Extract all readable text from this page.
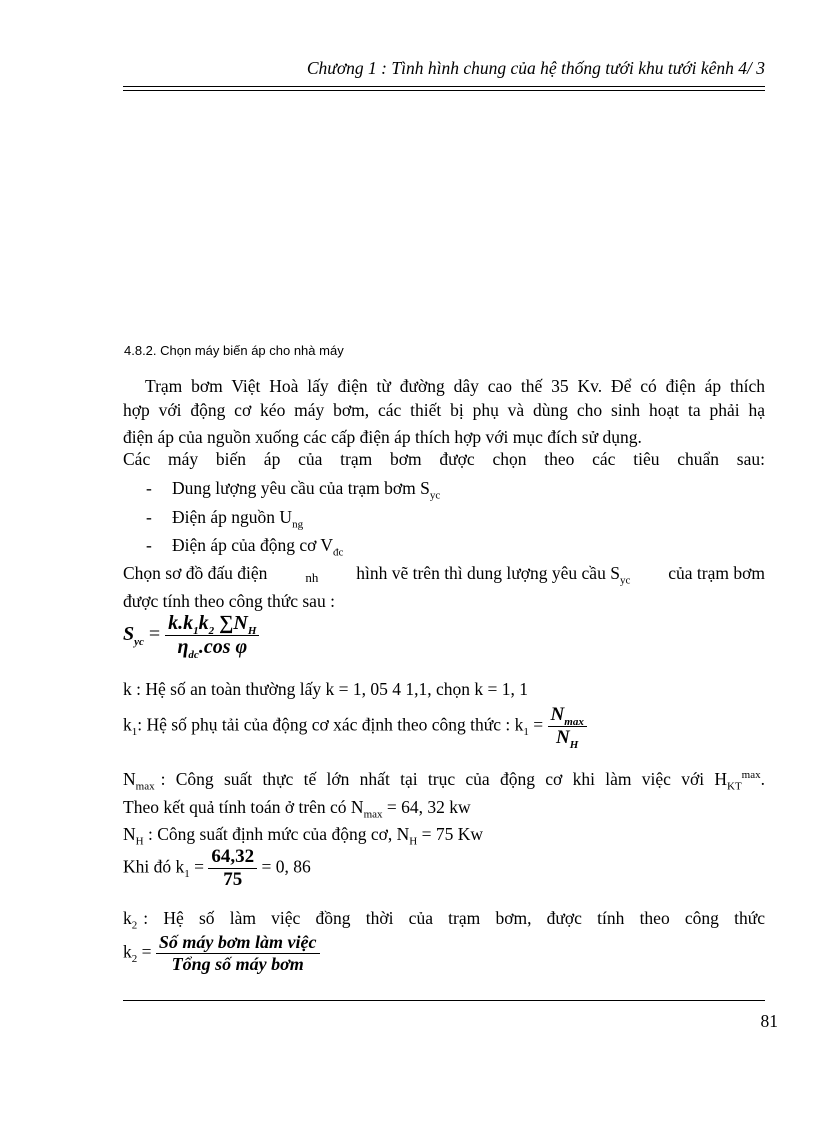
Chương 1 : Tình hình chung của hệ thống tưới khu tưới kênh 4/ 3
4.8.2. Chọn máy biến áp cho nhà máy
Trạm bơm Việt Hoà lấy điện từ đường dây cao thế 35 Kv. Để có điện áp thích
hợp với động cơ kéo máy bơm, các thiết bị phụ và dùng cho sinh hoạt ta phải hạ
điện áp của nguồn xuống các cấp điện áp thích hợp với mục đích sử dụng.
Các máy biến áp của trạm bơm được chọn theo các tiêu chuẩn sau:
- Dung lượng yêu cầu của trạm bơm $S_{yc}$
- Điện áp nguồn $U_{ng}$
- Điện áp của động cơ $V_{đc}$
Chọn sơ đồ đấu điện	nh hình vẽ trên thì dung lượng yêu cầu $S_{yc}$ của trạm bơm
được tính theo công thức sau :
$S_{yc} = \frac{k.k_1k_2 \sum N_H}{\eta_{dc}.\cos \varphi}$
k : Hệ số an toàn thường lấy k = 1, 05 4 1,1, chọn k = 1, 1
$k_1$: Hệ số phụ tải của động cơ xác định theo công thức : $k_1 = \frac{N_{max}}{N_H}$
$N_{max}$ : Công suất thực tế lớn nhất tại trục của động cơ khi làm việc với H $_{KT}^{max}$.
Theo kết quả tính toán ở trên có $N_{max} = 64$, 32 kw
$N_H$ : Công suất định mức của động cơ, $N_H = 75$ Kw
Khi đó $k_1 = \frac{64,32}{75} = 0$, 86
$k_2$ : Hệ số làm việc đồng thời của trạm bơm, được tính theo công thức
$k_2 = \frac{\text{Số máy bơm làm việc}}{\text{Tổng số máy bơm}}$
81
